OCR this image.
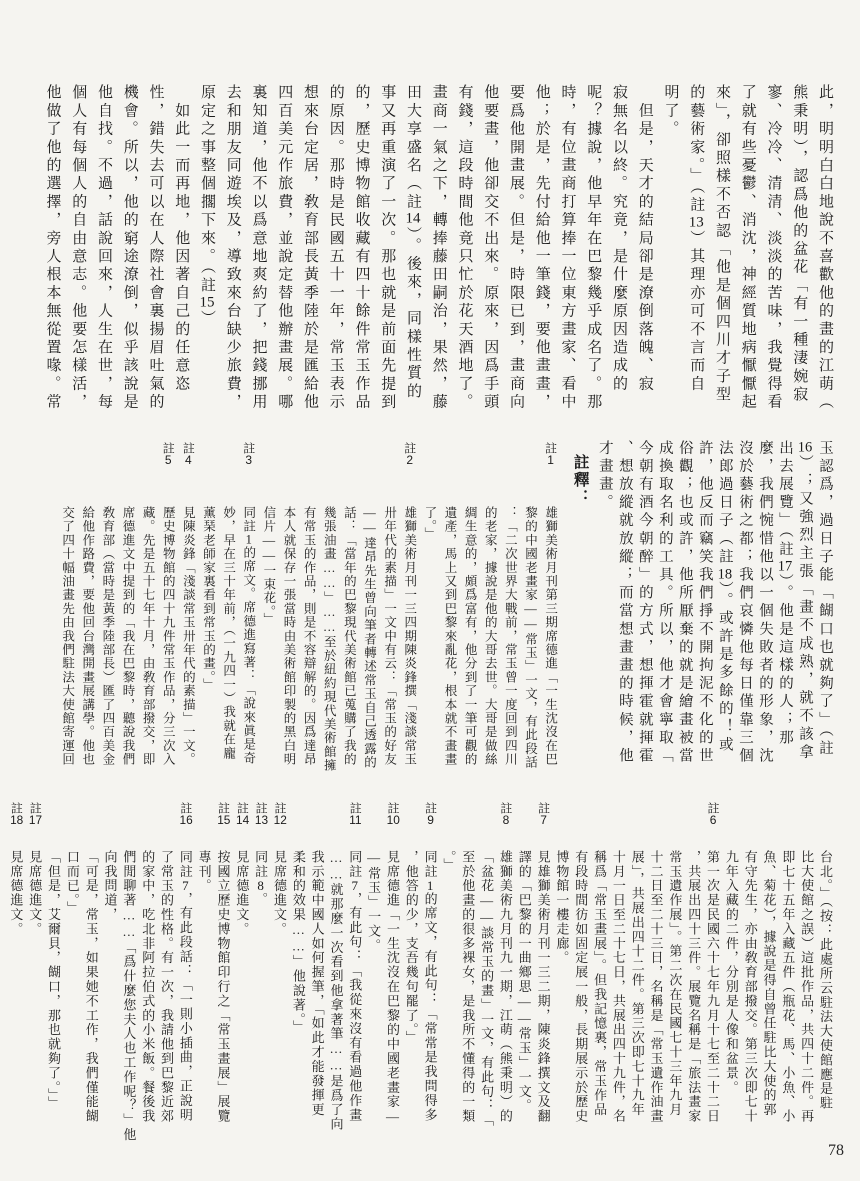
此，明明白白地說不喜歡他的畫的江萌（
熊秉明），認爲他的盆花「有一種淒婉寂
寥、冷冷、清清、淡淡的苦味，我覺得看
了就有些憂鬱、消沈，神經質地病懨懨起
來」，卻照樣不否認「他是個四川才子型
的藝術家。」（註13）其理亦可不言而自
明了。
　但是，天才的結局卻是潦倒落魄、寂
寂無名以終。究竟，是什麼原因造成的
呢？據說，他早年在巴黎幾乎成名了。那
時，有位畫商打算捧一位東方畫家、看中
他；於是，先付給他一筆錢，要他畫畫，
要爲他開畫展。但是，時限已到，畫商向
他要畫，他卻交不出來。原來，因爲手頭
有錢，這段時間他竟只忙於花天酒地了。
畫商一氣之下，轉捧藤田嗣治，果然，藤
田大享盛名（註14）。後來，同樣性質的
事又再重演了一次。那也就是前面先提到
的，歷史博物館收藏有四十餘件常玉作品
的原因。那時是民國五十一年，常玉表示
想來台定居，敎育部長黃季陸於是匯給他
四百美元作旅費，並說定替他辦畫展。哪
裏知道，他不以爲意地爽約了，把錢挪用
去和朋友同遊埃及，導致來台缺少旅費，
原定之事整個擱下來。（註15）
　如此一而再地，他因著自己的任意恣
性，錯失去可以在人際社會裏揚眉吐氣的
機會。所以，他的窮途潦倒，似乎該說是
他自找。不過，話說回來，人生在世，每
個人有每個人的自由意志。他要怎樣活，
他做了他的選擇，旁人根本無從置喙。常
玉認爲，過日子能「餬口也就夠了」（註
16）；又強烈主張「畫不成熟，就不該拿
出去展覽」（註17）。他是這樣的人；那
麼，我們惋惜他以一個失敗者的形象，沈
沒於藝術之都；我們哀憐他每日僅靠三個
法郎過日子（註18）。或許是多餘的！或
許，他反而竊笑我們掙不開拘泥不化的世
俗觀；也或許，他所厭棄的就是繪畫被當
成換取名利的工具。所以，他才會寧取「
今朝有酒今朝醉」的方式，想揮霍就揮霍
、想放縱就放縱；而當想畫畫的時候，他
才畫畫。
註釋：
註1
雄獅美術月刊第三期席德進「一生沈沒在巴
黎的中國老畫家——常玉」一文，有此段話
：「二次世界大戰前，常玉曾一度回到四川
的老家，據說是他的大哥去世。大哥是做絲
綢生意的，頗爲富有，他分到了一筆可觀的
遺產，馬上又到巴黎來亂花，根本就不畫畫
了。」
註2
雄獅美術月刊一三四期陳炎鋒撰「淺談常玉
卅年代的素描」一文中有云：「常玉的好友
——達昂先生曾向筆者轉述常玉自己透露的
話：「當年的巴黎現代美術館已蒐購了我的
幾張油畫……」……至於紐約現代美術館擁
有常玉的作品，則是不容辯解的。因爲達昂
本人就保存一張當時由美術館印製的黑白明
信片——一束花。」
註3
同註1的席文。席德進寫著：「說來眞是奇
妙，早在三十年前，（一九四一）我就在龐
薰琹老師家裏看到常玉的畫。」
註4
見陳炎鋒「淺談常玉卅年代的素描」一文。
註5
歷史博物館的四十九件常玉作品，分三次入
藏。先是五十七年十月，由敎育部撥交，即
席德進文中提到的「我在巴黎時，聽說我們
敎育部（當時是黃季陸部長）匯了四百美金
給他作路費，要他回台灣開畫展講學。他也
交了四十幅油畫先由我們駐法大使館寄運回
台北。」（按：此處所云駐法大使館應是駐
比大使館之誤）這批作品，共四十二件。再
即七十五年入藏五件（瓶花、馬、小魚、小
魚、菊花），據說是得自曾任駐比大使的郭
有守先生，亦由敎育部撥交。第三次即七十
九年入藏的二件，分別是人像和盆景。
註6
第一次是民國六十七年九月十七至二十二日
，共展出四十三件。展覽名稱是「旅法畫家
常玉遺作展」。第二次在民國七十三年九月
十二日至二十三日，名稱是「常玉遺作油畫
展」，共展出四十二件。第三次即七十九年
十月一日至二十七日，共展出四十九件，名
稱爲「常玉畫展」。但我記憶裏，常玉作品
有段時間彷如固定展一般，長期展示於歷史
博物館一樓走廊。
註7
見雄獅美術月刊一三二期，陳炎鋒撰文及翻
譯的「巴黎的一曲鄉思——常玉」一文。
註8
雄獅美術九月刊九一期，江萌（熊秉明）的
「盆花——談常玉的畫」一文，有此句：「
至於他畫的很多裸女，是我所不懂得的一類
。」
註9
同註1的席文，有此句：「常常是我問得多
，他答的少，支吾幾句罷了。」
註10
見席德進「一生沈沒在巴黎的中國老畫家—
—常玉」一文。
註11
同註7，有此句：「我從來沒有看過他作畫
……就那麼一次看到他拿著筆……是爲了向
我示範中國人如何握筆，「如此才能發揮更
柔和的效果……」他說著。」
註12
見席德進文。
註13
同註8。
註14
見席德進文。
註15
按國立歷史博物館印行之「常玉畫展」展覽
專刊。
註16
同註7，有此段話：「一則小插曲，正說明
了常玉的性格。有一次，我請他到巴黎近郊
的家中，吃北非阿拉伯式的小米飯。餐後我
們閒聊著……「爲什麼您夫人也工作呢？」他
向我問道，
「可是，常玉，如果她不工作，我們僅能餬
口而已。」
「但是，艾爾貝，餬口，那也就夠了。」」
註17
見席德進文。
註18
見席德進文。
78
